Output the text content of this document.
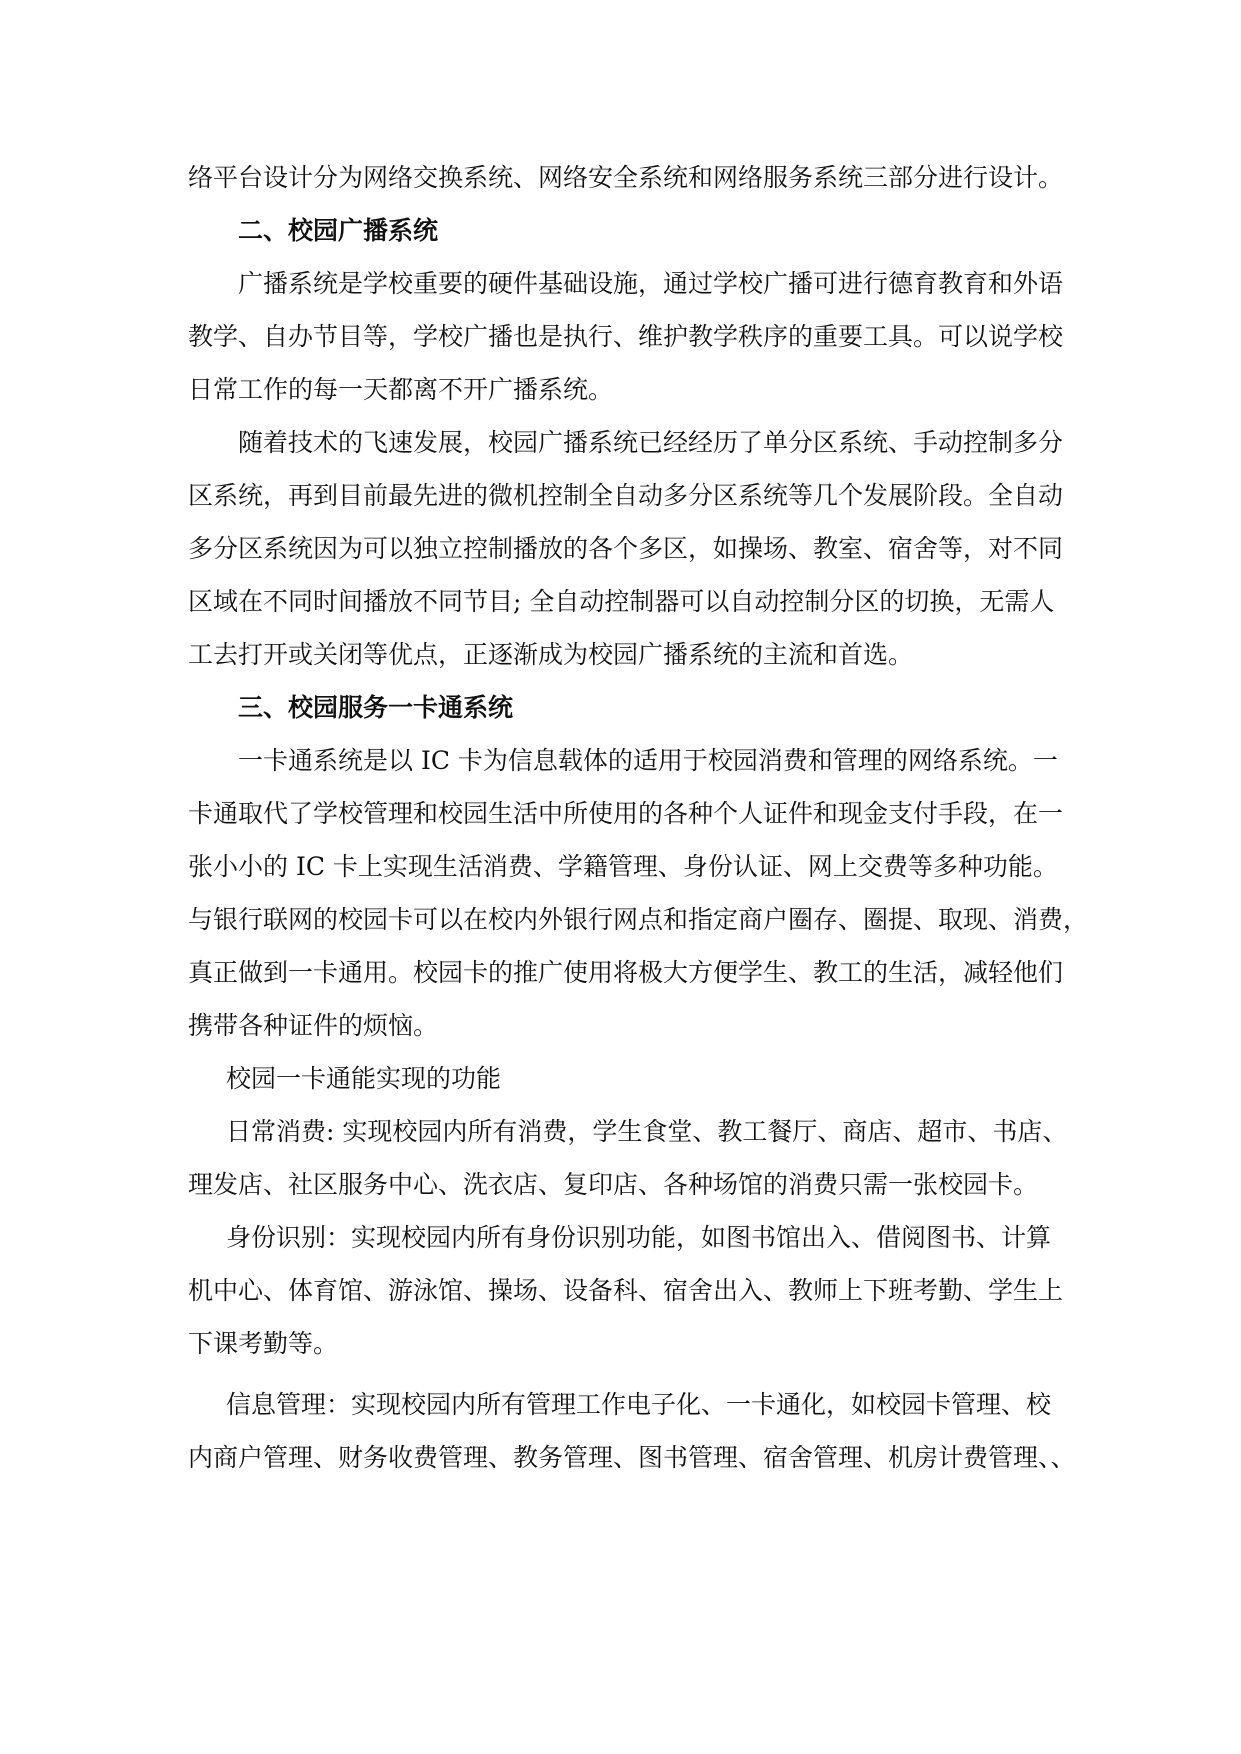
络平台设计分为网络交换系统、网络安全系统和网络服务系统三部分进行设计。
二、校园广播系统
广播系统是学校重要的硬件基础设施，通过学校广播可进行德育教育和外语
教学、自办节目等，学校广播也是执行、维护教学秩序的重要工具。可以说学校
日常工作的每一天都离不开广播系统。
随着技术的飞速发展，校园广播系统已经经历了单分区系统、手动控制多分
区系统，再到目前最先进的微机控制全自动多分区系统等几个发展阶段。全自动
多分区系统因为可以独立控制播放的各个多区，如操场、教室、宿舍等，对不同
区域在不同时间播放不同节目; 全自动控制器可以自动控制分区的切换，无需人
工去打开或关闭等优点，正逐渐成为校园广播系统的主流和首选。
三、校园服务一卡通系统
一卡通系统是以 IC 卡为信息载体的适用于校园消费和管理的网络系统。一
卡通取代了学校管理和校园生活中所使用的各种个人证件和现金支付手段，在一
张小小的 IC 卡上实现生活消费、学籍管理、身份认证、网上交费等多种功能。
与银行联网的校园卡可以在校内外银行网点和指定商户圈存、圈提、取现、消费，
真正做到一卡通用。校园卡的推广使用将极大方便学生、教工的生活，减轻他们
携带各种证件的烦恼。
校园一卡通能实现的功能
日常消费: 实现校园内所有消费，学生食堂、教工餐厅、商店、超市、书店、
理发店、社区服务中心、洗衣店、复印店、各种场馆的消费只需一张校园卡。
身份识别：实现校园内所有身份识别功能，如图书馆出入、借阅图书、计算
机中心、体育馆、游泳馆、操场、设备科、宿舍出入、教师上下班考勤、学生上
下课考勤等。
信息管理：实现校园内所有管理工作电子化、一卡通化，如校园卡管理、校
内商户管理、财务收费管理、教务管理、图书管理、宿舍管理、机房计费管理、、
